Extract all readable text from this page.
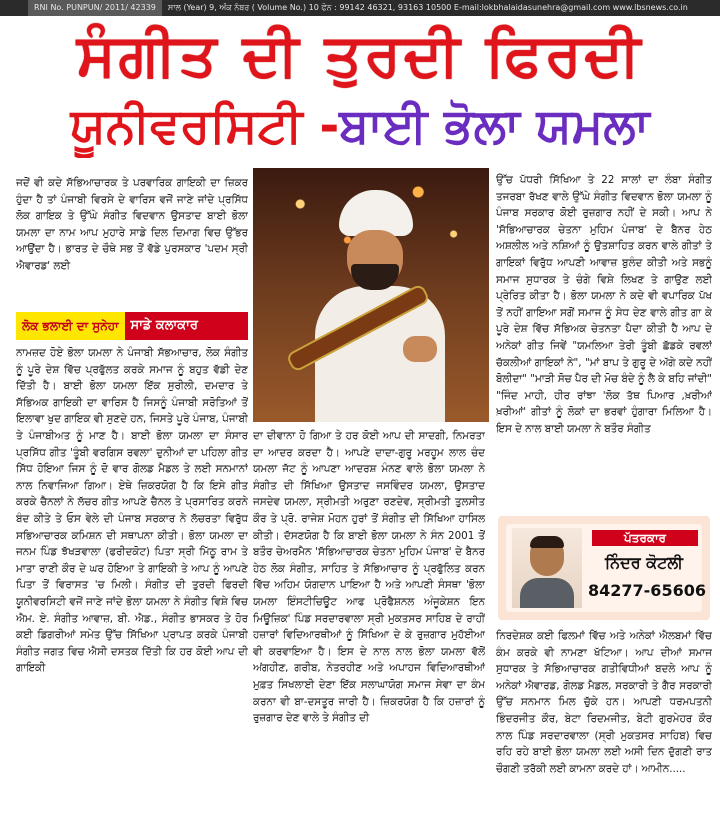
RNI No. PUNPUN/ 2011/ 42339 ਸਾਲ (Year) 9, ਅੰਕ ਨੰਬਰ ( Volume No.) 10 ਫੋਨ : 99142 46321, 93163 10500 E-mail:lokbhalaidasunehra@gmail.com www.lbsnews.co.in
ਸੰਗੀਤ ਦੀ ਤੁਰਦੀ ਫਿਰਦੀ
ਯੂਨੀਵਰਸਿਟੀ -ਬਾਈ ਭੋਲਾ ਯਮਲਾ
ਜਦੋਂ ਵੀ ਕਦੇ ਸੱਭਿਆਚਾਰਕ ਤੇ ਪਰਵਾਰਿਕ ਗਾਇਕੀ ਦਾ ਜ਼ਿਕਰ ਹੁੰਦਾ ਹੈ ਤਾਂ ਪੰਜਾਬੀ ਵਿਰਸੇ ਦੇ ਵਾਰਿਸ ਵਜੋਂ ਜਾਣੇ ਜਾਂਦੇ ਪ੍ਰਸਿੱਧ ਲੋਕ ਗਾਇਕ ਤੇ ਉੱਘੇ ਸੰਗੀਤ ਵਿਦਵਾਨ ਉਸਤਾਦ ਬਾਈ ਭੋਲਾ ਯਮਲਾ ਦਾ ਨਾਮ ਆਪ ਮੁਹਾਰੇ ਸਾਡੇ ਦਿਲ ਦਿਮਾਗ ਵਿਚ ਉੱਭਰ ਆਉਂਦਾ ਹੈ। ਭਾਰਤ ਦੇ ਚੌਥੇ ਸਭ ਤੋਂ ਵੱਡੇ ਪੁਰਸਕਾਰ 'ਪਦਮ ਸ੍ਰੀ ਐਵਾਰਡ' ਲਈ
ਲੋਕ ਭਲਾਈ ਦਾ ਸੁਨੇਹਾ ਸਾਡੇ ਕਲਾਕਾਰ
ਨਾਮਜ਼ਦ ਹੋਏ ਭੋਲਾ ਯਮਲਾ ਨੇ ਪੰਜਾਬੀ ਸੱਭਆਚਾਰ, ਲੋਕ ਸੰਗੀਤ ਨੂੰ ਪੂਰੇ ਦੇਸ਼ ਵਿੱਚ ਪ੍ਰਫੁੱਲਤ ਕਰਕੇ ਸਮਾਜ ਨੂੰ ਬਹੁਤ ਵੱਡੀ ਦੇਣ ਦਿੱਤੀ ਹੈ। ਬਾਈ ਭੋਲਾ ਯਮਲਾ ਇੱਕ ਸੁਰੀਲੀ, ਦਮਦਾਰ ਤੇ ਸੱਭਿਅਕ ਗਾਇਕੀ ਦਾ ਵਾਰਿਸ ਹੈ ਜਿਸਨੂੰ ਪੰਜਾਬੀ ਸਰੋਤਿਆਂ ਤੋਂ ਇਲਾਵਾ ਖੁਦ ਗਾਇਕ ਵੀ ਸੁਣਦੇ ਹਨ, ਜਿਸਤੇ ਪੂਰੇ ਪੰਜਾਬ, ਪੰਜਾਬੀ ਤੇ ਪੰਜਾਬੀਅਤ ਨੂੰ ਮਾਣ ਹੈ। ਬਾਈ ਭੋਲਾ ਯਮਲਾ ਦਾ ਸੰਸਾਰ ਪ੍ਰਸਿੱਧ ਗੀਤ 'ਤੂੰਬੀ ਵਰਗਿਸ ਰਵਲਾ' ਦੁਨੀਆਂ ਦਾ ਪਹਿਲਾ ਗੀਤ ਸਿੱਧ ਹੋਇਆ ਜਿਸ ਨੂੰ ਦੋ ਵਾਰ ਗੋਲਡ ਮੈਡਲ ਤੇ ਲਈ ਸਨਮਾਨਾਂ ਨਾਲ ਨਿਵਾਜਿਆ ਗਿਆ। ਏਥੇ ਜ਼ਿਕਰਯੋਗ ਹੈ ਕਿ ਇਸੇ ਗੀਤ ਕਰਕੇ ਚੈਨਲਾਂ ਨੇ ਲੱਚਰ ਗੀਤ ਆਪਣੇ ਚੈਨਲ ਤੇ ਪ੍ਰਸਾਰਿਤ ਕਰਨੇ ਬੰਦ ਕੀਤੇ ਤੇ ਓਸ ਵੇਲੇ ਦੀ ਪੰਜਾਬ ਸਰਕਾਰ ਨੇ ਲੱਚਰਤਾ ਵਿਰੁੱਧ ਸਭਿਆਚਾਰਕ ਕਮਿਸ਼ਨ ਦੀ ਸਥਾਪਨਾ ਕੀਤੀ। ਭੋਲਾ ਯਮਲਾ ਦਾ ਜਨਮ ਪਿੰਡ ਝੱਖੜਵਾਲਾ (ਫਰੀਦਕੋਟ) ਪਿਤਾ ਸ੍ਰੀ ਮਿੱਠੂ ਰਾਮ ਤੇ ਮਾਤਾ ਰਾਣੀ ਕੌਰ ਦੇ ਘਰ ਹੋਇਆ ਤੇ ਗਾਇਕੀ ਤੇ ਆਪ ਨੂੰ ਆਪਣੇ ਪਿਤਾ ਤੋਂ ਵਿਰਾਸਤ 'ਚ ਮਿਲੀ। ਸੰਗੀਤ ਦੀ ਤੁਰਦੀ ਫਿਰਦੀ ਯੂਨੀਵਰਸਿਟੀ ਵਜੋਂ ਜਾਣੇ ਜਾਂਦੇ ਭੋਲਾ ਯਮਲਾ ਨੇ ਸੰਗੀਤ ਵਿਸ਼ੇ ਵਿਚ ਐਮ. ਏ. ਸੰਗੀਤ ਆਵਾਜ਼, ਬੀ. ਐਡ., ਸੰਗੀਤ ਭਾਸਕਰ ਤੇ ਹੋਰ ਕਈ ਡਿਗਰੀਆਂ ਸਮੇਤ ਉੱਚ ਸਿੱਖਿਆ ਪ੍ਰਾਪਤ ਕਰਕੇ ਪੰਜਾਬੀ ਸੰਗੀਤ ਜਗਤ ਵਿਚ ਐਸੀ ਦਸਤਕ ਦਿੱਤੀ ਕਿ ਹਰ ਕੋਈ ਆਪ ਦੀ ਗਾਇਕੀ
ਦਾ ਦੀਵਾਨਾ ਹੋ ਗਿਆ ਤੇ ਹਰ ਕੋਈ ਆਪ ਦੀ ਸਾਦਗੀ, ਨਿਮਰਤਾ ਦਾ ਆਦਰ ਕਰਦਾ ਹੈ। ਆਪਣੇ ਦਾਦਾ-ਗੁਰੂ ਮਰਹੂਮ ਲਾਲ ਚੰਦ ਯਮਲਾ ਜੱਟ ਨੂੰ ਆਪਣਾ ਆਦਰਸ਼ ਮੰਨਣ ਵਾਲੇ ਭੋਲਾ ਯਮਲਾ ਨੇ ਸੰਗੀਤ ਦੀ ਸਿੱਖਿਆ ਉਸਤਾਦ ਜਸਵਿੰਦਰ ਯਮਲਾ, ਉਸਤਾਦ ਜਸਦੇਵ ਯਮਲਾ, ਸ੍ਰੀਮਤੀ ਅਰੁਣਾ ਰਣਦੇਵ, ਸ੍ਰੀਮਤੀ ਤੁਲਸੀਤ ਕੌਰ ਤੇ ਪ੍ਰੋ. ਰਾਜੇਸ਼ ਮੋਹਨ ਹੁਰਾਂ ਤੋਂ ਸੰਗੀਤ ਦੀ ਸਿੱਖਿਆ ਹਾਸਿਲ ਕੀਤੀ। ਦੱਸਣਯੋਗ ਹੈ ਕਿ ਬਾਈ ਭੋਲਾ ਯਮਲਾ ਨੇ ਸੰਨ 2001 ਤੋਂ ਬਤੌਰ ਚੇਅਰਮੈਨ 'ਸੱਭਿਆਚਾਰਕ ਚੇਤਨਾ ਮੁਹਿਮ ਪੰਜਾਬ' ਦੇ ਬੈਨਰ ਹੇਠ ਲੋਕ ਸੰਗੀਤ, ਸਾਹਿਤ ਤੇ ਸੱਭਿਆਚਾਰ ਨੂੰ ਪ੍ਰਫੁੱਲਿਤ ਕਰਨ ਵਿੱਚ ਅਹਿਮ ਯੋਗਦਾਨ ਪਾਇਆ ਹੈ ਅਤੇ ਆਪਣੀ ਸੰਸਥਾ 'ਭੋਲਾ ਯਮਲਾ ਇੰਸਟੀਚਿਊਟ ਆਫ ਪ੍ਰੋਫੈਸ਼ਨਲ ਅੰਜੂਕੇਸ਼ਨ ਇਨ ਮਿਊਜ਼ਿਕ' ਪਿੰਡ ਸਰਦਾਰਵਾਲਾ ਸ੍ਰੀ ਮੁਕਤਸਰ ਸਾਹਿਬ ਦੇ ਰਾਹੀਂ ਹਜ਼ਾਰਾਂ ਵਿਦਿਆਰਥੀਆਂ ਨੂੰ ਸਿੱਖਿਆ ਦੇ ਕੇ ਰੁਜ਼ਗਾਰ ਮੁਹੱਈਆ ਵੀ ਕਰਵਾਇਆ ਹੈ। ਇਸ ਦੇ ਨਾਲ ਨਾਲ ਭੋਲਾ ਯਮਲਾ ਵੱਲੋਂ ਅਂਗਹੀਣ, ਗਰੀਬ, ਨੇਤਰਹੀਣ ਅਤੇ ਅਪਾਹਜ ਵਿਦਿਆਰਥੀਆਂ ਮੁਫ਼ਤ ਸਿਖਲਾਈ ਦੇਣਾ ਇੱਕ ਸਲਾਘਾਯੋਗ ਸਮਾਜ ਸੇਵਾ ਦਾ ਕੰਮ ਕਰਨਾ ਵੀ ਬਾ-ਦਸਤੂਰ ਜਾਰੀ ਹੈ। ਜ਼ਿਕਰਯੋਗ ਹੈ ਕਿ ਹਜ਼ਾਰਾਂ ਨੂੰ ਰੁਜ਼ਗਾਰ ਦੇਣ ਵਾਲੇ ਤੇ ਸੰਗੀਤ ਦੀ
ਉੱਚ ਪੱਧਰੀ ਸਿੱਖਿਆ ਤੇ 22 ਸਾਲਾਂ ਦਾ ਲੰਬਾ ਸੰਗੀਤ ਤਜਰਬਾ ਰੱਖਣ ਵਾਲੇ ਉੱਘੇ ਸੰਗੀਤ ਵਿਦਵਾਨ ਭੋਲਾ ਯਮਲਾ ਨੂੰ ਪੰਜਾਬ ਸਰਕਾਰ ਕੋਈ ਰੁਜ਼ਗਾਰ ਨਹੀਂ ਦੇ ਸਕੀ। ਆਪ ਨੇ 'ਸੱਭਿਆਚਾਰਕ ਚੇਤਨਾ ਮੁਹਿਮ ਪੰਜਾਬ' ਦੇ ਬੈਨਰ ਹੇਠ ਅਸ਼ਲੀਲ ਅਤੇ ਨਸ਼ਿਆਂ ਨੂੰ ਉਤਸ਼ਾਹਿਤ ਕਰਨ ਵਾਲੇ ਗੀਤਾਂ ਤੇ ਗਾਇਕਾਂ ਵਿਰੁੱਧ ਆਪਣੀ ਆਵਾਜ਼ ਬੁਲੰਦ ਕੀਤੀ ਅਤੇ ਸਭਨੂੰ ਸਮਾਜ ਸੁਧਾਰਕ ਤੇ ਚੰਗੇ ਵਿਸ਼ੇ ਲਿਖਣ ਤੇ ਗਾਉਣ ਲਈ ਪ੍ਰੇਰਿਤ ਕੀਤਾ ਹੈ। ਭੋਲਾ ਯਮਲਾ ਨੇ ਕਦੇ ਵੀ ਵਪਾਰਿਕ ਪੱਖ ਤੋਂ ਨਹੀਂ ਗਾਇਆ ਸਗੋਂ ਸਮਾਜ ਨੂੰ ਸੇਧ ਦੇਣ ਵਾਲੇ ਗੀਤ ਗਾ ਕੇ ਪੂਰੇ ਦੇਸ਼ ਵਿੱਚ ਸੱਭਿਅਕ ਚੇਤਨਤਾ ਪੈਦਾ ਕੀਤੀ ਹੈ ਆਪ ਦੇ ਅਨੇਕਾਂ ਗੀਤ ਜਿਵੇਂ "ਯਮਲਿਆ ਤੇਰੀ ਤੂੰਬੀ ਛੱਡਕੇ ਰਵਲਾਂ ਚੱਕਲੀਆਂ ਗਾਇਕਾਂ ਨੇ", "ਮਾਂ ਬਾਪ ਤੇ ਗੁਰੂ ਦੇ ਅੱਗੇ ਕਦੇ ਨਹੀਂ ਬੋਲੀਦਾ" "ਮਾੜੀ ਸੋਚ ਪੈਰ ਦੀ ਮੋਚ ਬੰਦੇ ਨੂੰ ਲੈ ਕੇ ਬਹਿ ਜਾਂਦੀ" "ਜਿੰਦ ਮਾਹੀ, ਹੀਰ ਰਾਂਝਾ 'ਲੋਕ ਤੱਥ ਪਿਆਰ ,ਖ਼ਰੀਆਂ ਖ਼ਰੀਆਂ' ਗੀਤਾਂ ਨੂੰ ਲੋਕਾਂ ਦਾ ਭਰਵਾਂ ਹੁੰਗਾਰਾ ਮਿਲਿਆ ਹੈ। ਇਸ ਦੇ ਨਾਲ ਬਾਈ ਯਮਲਾ ਨੇ ਬਤੌਰ ਸੰਗੀਤ
ਪੱਤਰਕਾਰ
ਨਿੰਦਰ ਕੋਟਲੀ
84277-65606
ਨਿਰਦੇਸ਼ਕ ਕਈ ਫਿਲਮਾਂ ਵਿੱਚ ਅਤੇ ਅਨੇਕਾਂ ਐਲਬਮਾਂ ਵਿੱਚ ਕੰਮ ਕਰਕੇ ਵੀ ਨਾਮਣਾ ਖੱਟਿਆ। ਆਪ ਦੀਆਂ ਸਮਾਜ ਸੁਧਾਰਕ ਤੇ ਸੱਭਿਆਚਾਰਕ ਗਤੀਵਿਧੀਆਂ ਬਦਲੇ ਆਪ ਨੂੰ ਅਨੇਕਾਂ ਐਵਾਰਡ, ਗੋਲਡ ਮੈਡਲ, ਸਰਕਾਰੀ ਤੇ ਗੈਰ ਸਰਕਾਰੀ ਉੱਚ ਸਨਮਾਨ ਮਿਲ ਚੁੱਕੇ ਹਨ। ਆਪਣੀ ਧਰਮਪਤਨੀ ਭਿੰਦਰਜੀਤ ਕੌਰ, ਬੇਟਾ ਰਿਦਮਜੀਤ, ਬੇਟੀ ਗੁਰਮੇਹਰ ਕੌਰ ਨਾਲ ਪਿੰਡ ਸਰਦਾਰਵਾਲਾ (ਸ੍ਰੀ ਮੁਕਤਸਰ ਸਾਹਿਬ) ਵਿਚ ਰਹਿ ਰਹੇ ਬਾਈ ਭੋਲਾ ਯਮਲਾ ਲਈ ਅਸੀ ਦਿਨ ਦੁੱਗਣੀ ਰਾਤ ਚੌਗਣੀ ਤਰੱਕੀ ਲਈ ਕਾਮਨਾ ਕਰਦੇ ਹਾਂ। ਆਮੀਨ.....
